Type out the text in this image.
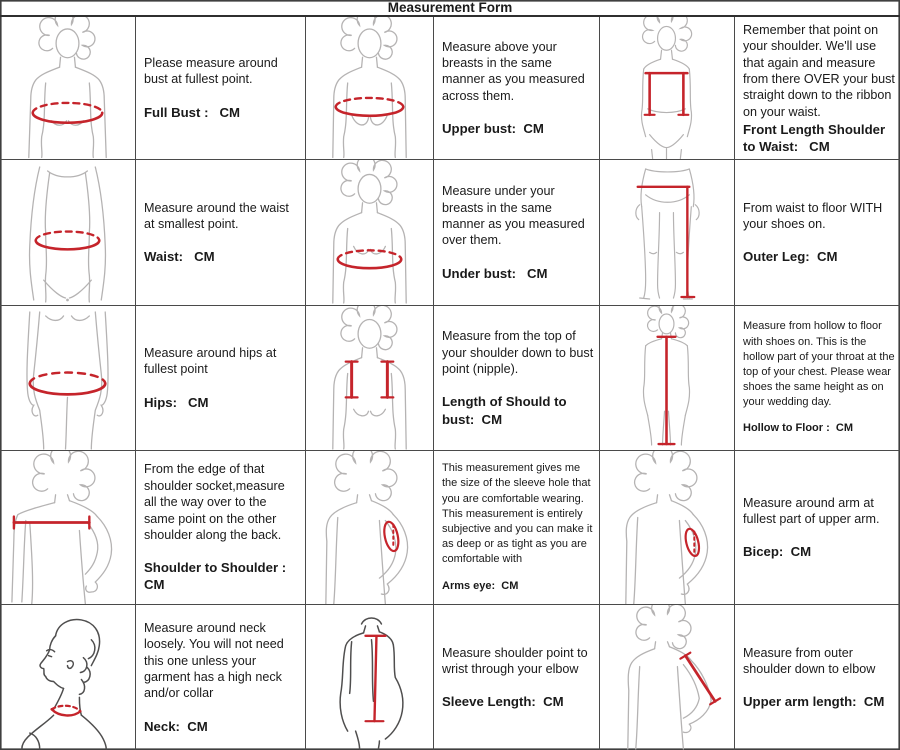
Measurement Form

Please measure around bust at fullest point.

Full Bust :   CM

Measure above your breasts in the same manner as you measured across them.

Upper bust:  CM

Remember that point on your shoulder. We'll use that again and measure from there OVER your bust straight down to the ribbon on your waist.

Front Length Shoulder to Waist:   CM

Measure around the waist at smallest point.

Waist:   CM

Measure under your breasts in the same manner as you measured over them.

Under bust:   CM

From waist to floor WITH your shoes on.

Outer Leg:  CM

Measure around hips at fullest point

Hips:   CM

Measure from the top of your shoulder down to bust point (nipple).

Length of Should to bust:  CM

Measure from hollow to floor with shoes on. This is the hollow part of your throat at the top of your chest. Please wear shoes the same height as on your wedding day.

Hollow to Floor :  CM

From the edge of that shoulder socket,measure all the way over to the same point on the other shoulder along the back.

Shoulder to Shoulder : CM

This measurement gives me the size of the sleeve hole that you are comfortable wearing. This measurement is entirely subjective and you can make it as deep or as tight as you are comfortable with

Arms eye:  CM

Measure around arm at fullest part of upper arm.

Bicep:  CM

Measure around neck loosely. You will not need this one unless your garment has a high neck and/or collar

Neck:  CM

Measure shoulder point to wrist through your elbow

Sleeve Length:  CM

Measure from outer shoulder down to elbow

Upper arm length:  CM
